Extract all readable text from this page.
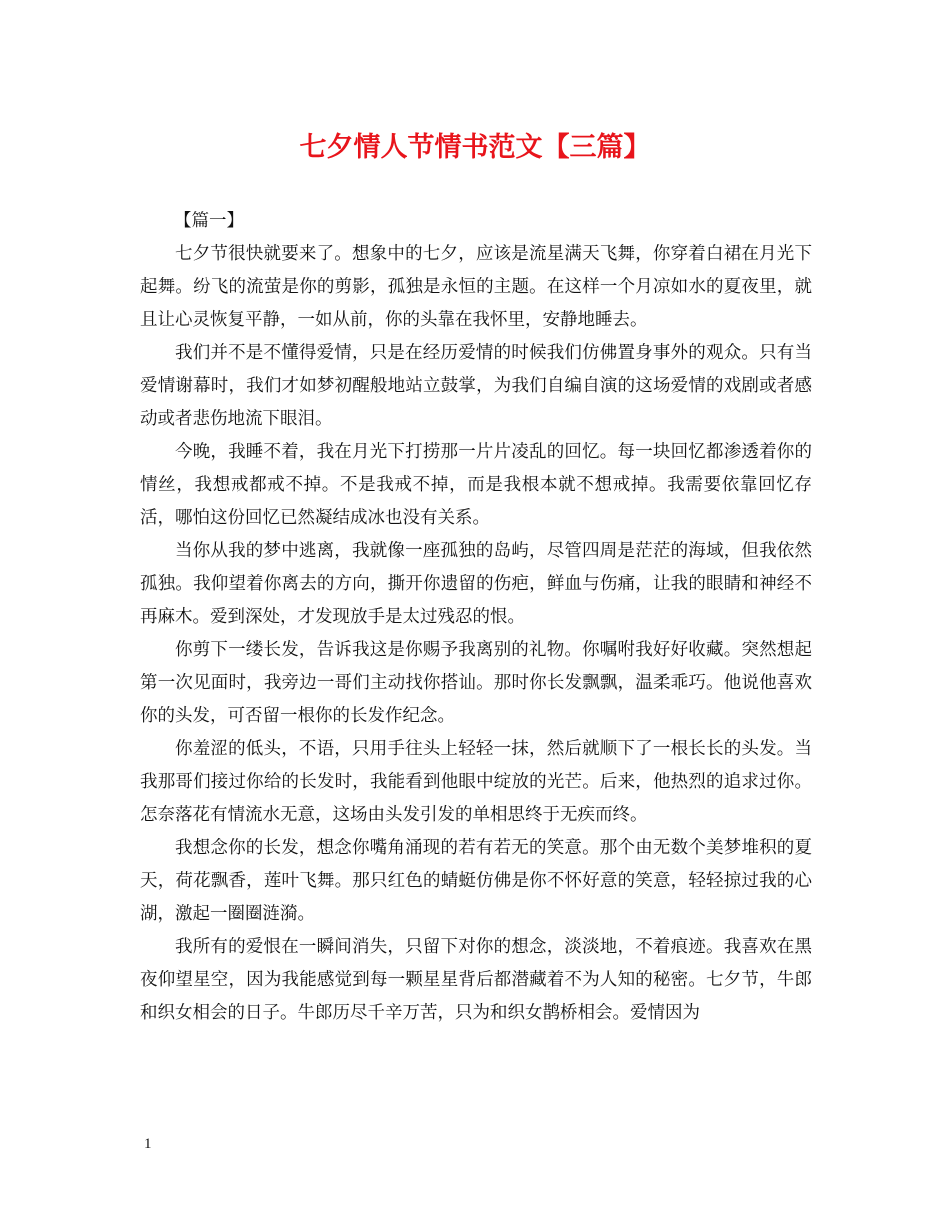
七夕情人节情书范文【三篇】
【篇一】

七夕节很快就要来了。想象中的七夕，应该是流星满天飞舞，你穿着白裙在月光下起舞。纷飞的流萤是你的剪影，孤独是永恒的主题。在这样一个月凉如水的夏夜里，就且让心灵恢复平静，一如从前，你的头靠在我怀里，安静地睡去。

我们并不是不懂得爱情，只是在经历爱情的时候我们仿佛置身事外的观众。只有当爱情谢幕时，我们才如梦初醒般地站立鼓掌，为我们自编自演的这场爱情的戏剧或者感动或者悲伤地流下眼泪。

今晚，我睡不着，我在月光下打捞那一片片凌乱的回忆。每一块回忆都渗透着你的情丝，我想戒都戒不掉。不是我戒不掉，而是我根本就不想戒掉。我需要依靠回忆存活，哪怕这份回忆已然凝结成冰也没有关系。

当你从我的梦中逃离，我就像一座孤独的岛屿，尽管四周是茫茫的海域，但我依然孤独。我仰望着你离去的方向，撕开你遗留的伤疤，鲜血与伤痛，让我的眼睛和神经不再麻木。爱到深处，才发现放手是太过残忍的恨。

你剪下一缕长发，告诉我这是你赐予我离别的礼物。你嘱咐我好好收藏。突然想起第一次见面时，我旁边一哥们主动找你搭讪。那时你长发飘飘，温柔乖巧。他说他喜欢你的头发，可否留一根你的长发作纪念。

你羞涩的低头，不语，只用手往头上轻轻一抹，然后就顺下了一根长长的头发。当我那哥们接过你给的长发时，我能看到他眼中绽放的光芒。后来，他热烈的追求过你。怎奈落花有情流水无意，这场由头发引发的单相思终于无疾而终。

我想念你的长发，想念你嘴角涌现的若有若无的笑意。那个由无数个美梦堆积的夏天，荷花飘香，莲叶飞舞。那只红色的蜻蜓仿佛是你不怀好意的笑意，轻轻掠过我的心湖，激起一圈圈涟漪。

我所有的爱恨在一瞬间消失，只留下对你的想念，淡淡地，不着痕迹。我喜欢在黑夜仰望星空，因为我能感觉到每一颗星星背后都潜藏着不为人知的秘密。七夕节，牛郎和织女相会的日子。牛郎历尽千辛万苦，只为和织女鹊桥相会。爱情因为

1
